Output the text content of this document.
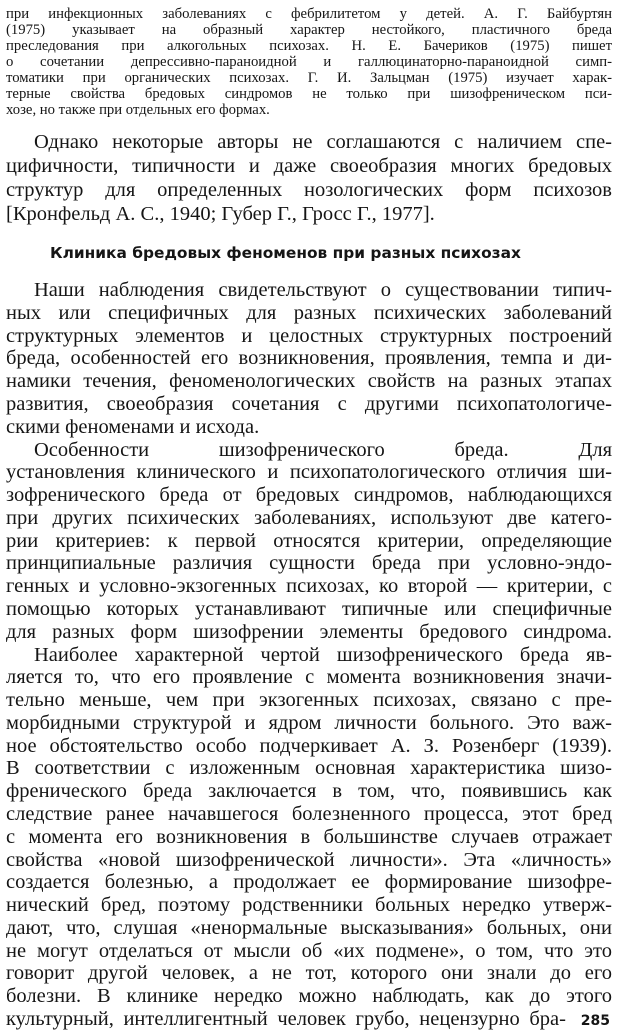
при инфекционных заболеваниях с фебрилитетом у детей. А. Г. Байбуртян
(1975) указывает на образный характер нестойкого, пластичного бреда
преследования при алкогольных психозах. Н. Е. Бачериков (1975) пишет
о сочетании депрессивно-параноидной и галлюцинаторно-параноидной симп-
томатики при органических психозах. Г. И. Зальцман (1975) изучает харак-
терные свойства бредовых синдромов не только при шизофреническом пси-
хозе, но также при отдельных его формах.
Однако некоторые авторы не соглашаются с наличием спе-
цифичности, типичности и даже своеобразия многих бредовых
структур для определенных нозологических форм психозов
[Кронфельд А. С., 1940; Губер Г., Гросс Г., 1977].
Клиника бредовых феноменов при разных психозах
Наши наблюдения свидетельствуют о существовании типич-
ных или специфичных для разных психических заболеваний
структурных элементов и целостных структурных построений
бреда, особенностей его возникновения, проявления, темпа и ди-
намики течения, феноменологических свойств на разных этапах
развития, своеобразия сочетания с другими психопатологиче-
скими феноменами и исхода.
Особенности шизофренического бреда. Для
установления клинического и психопатологического отличия ши-
зофренического бреда от бредовых синдромов, наблюдающихся
при других психических заболеваниях, используют две катего-
рии критериев: к первой относятся критерии, определяющие
принципиальные различия сущности бреда при условно-эндо-
генных и условно-экзогенных психозах, ко второй — критерии, с
помощью которых устанавливают типичные или специфичные
для разных форм шизофрении элементы бредового синдрома.
Наиболее характерной чертой шизофренического бреда яв-
ляется то, что его проявление с момента возникновения значи-
тельно меньше, чем при экзогенных психозах, связано с пре-
морбидными структурой и ядром личности больного. Это важ-
ное обстоятельство особо подчеркивает А. З. Розенберг (1939).
В соответствии с изложенным основная характеристика шизо-
френического бреда заключается в том, что, появившись как
следствие ранее начавшегося болезненного процесса, этот бред
с момента его возникновения в большинстве случаев отражает
свойства «новой шизофренической личности». Эта «личность»
создается болезнью, а продолжает ее формирование шизофре-
нический бред, поэтому родственники больных нередко утверж-
дают, что, слушая «ненормальные высказывания» больных, они
не могут отделаться от мысли об «их подмене», о том, что это
говорит другой человек, а не тот, которого они знали до его
болезни. В клинике нередко можно наблюдать, как до этого
культурный, интеллигентный человек грубо, нецензурно бра- 285
